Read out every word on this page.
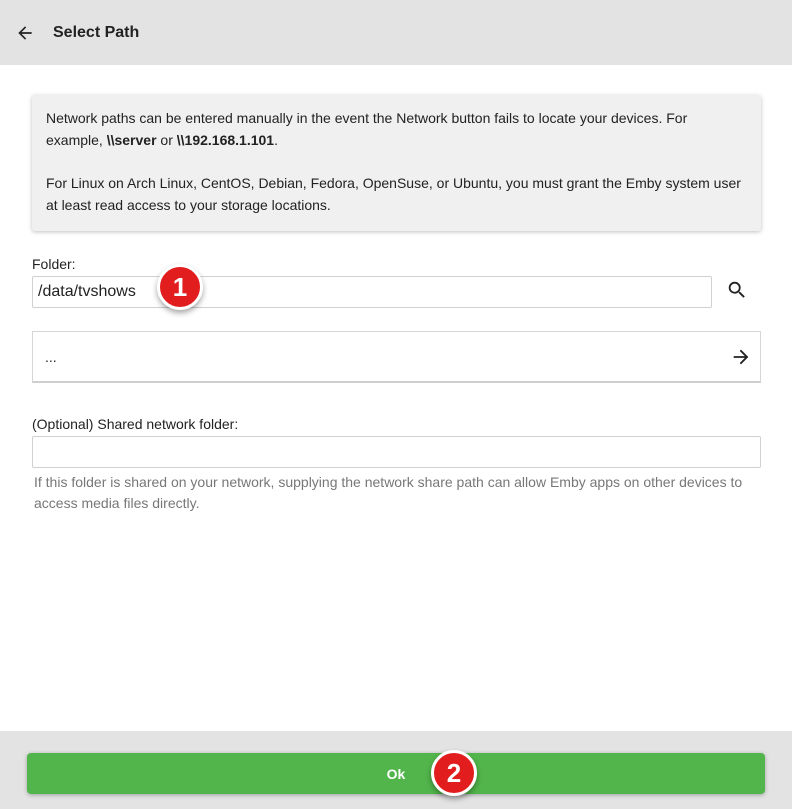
Select Path

Network paths can be entered manually in the event the Network button fails to locate your devices. For example, \\server or \\192.168.1.101.

For Linux on Arch Linux, CentOS, Debian, Fedora, OpenSuse, or Ubuntu, you must grant the Emby system user at least read access to your storage locations.

Folder:
/data/tvshows
...
(Optional) Shared network folder:
If this folder is shared on your network, supplying the network share path can allow Emby apps on other devices to access media files directly.
Ok
1
2
